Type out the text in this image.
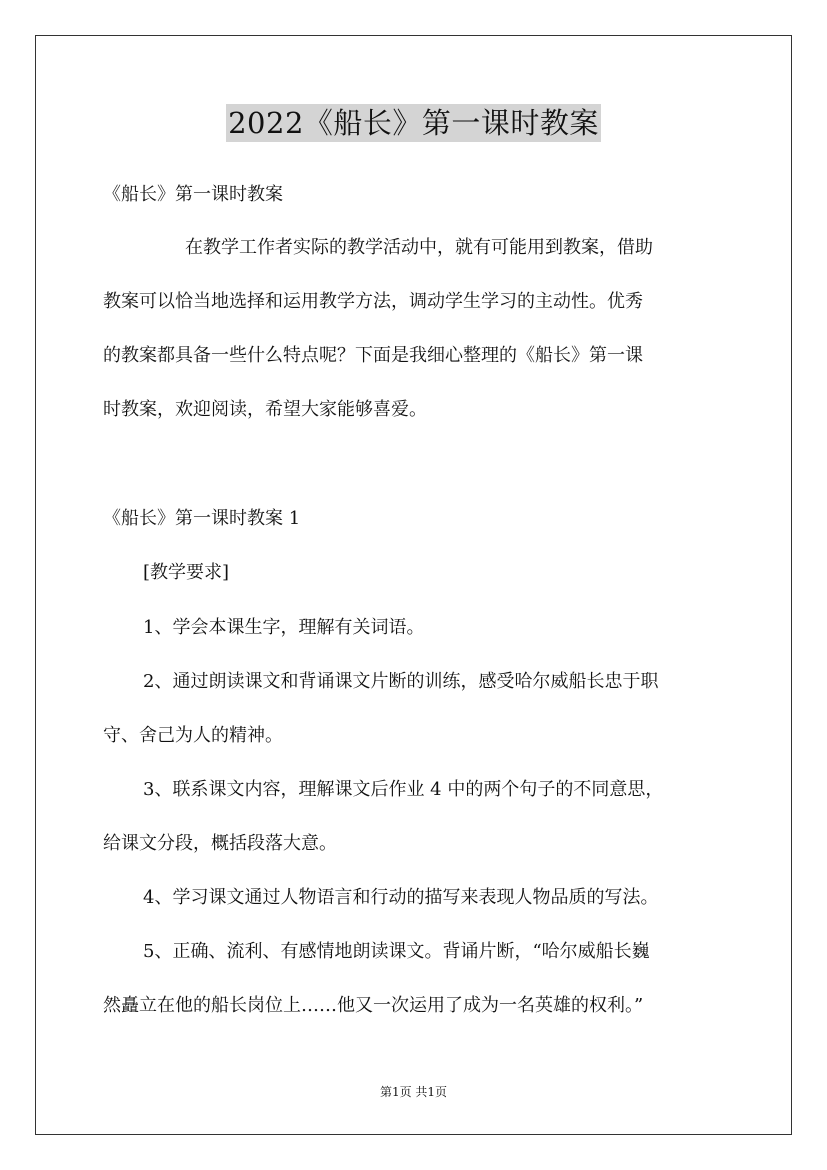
2022《船长》第一课时教案
《船长》第一课时教案
在教学工作者实际的教学活动中，就有可能用到教案，借助
教案可以恰当地选择和运用教学方法，调动学生学习的主动性。优秀
的教案都具备一些什么特点呢？下面是我细心整理的《船长》第一课
时教案，欢迎阅读，希望大家能够喜爱。
《船长》第一课时教案 1
[教学要求]
1、学会本课生字，理解有关词语。
2、通过朗读课文和背诵课文片断的训练，感受哈尔威船长忠于职
守、舍己为人的精神。
3、联系课文内容，理解课文后作业 4 中的两个句子的不同意思，
给课文分段，概括段落大意。
4、学习课文通过人物语言和行动的描写来表现人物品质的写法。
5、正确、流利、有感情地朗读课文。背诵片断，“哈尔威船长巍
然矗立在他的船长岗位上……他又一次运用了成为一名英雄的权利。”
第1页 共1页
